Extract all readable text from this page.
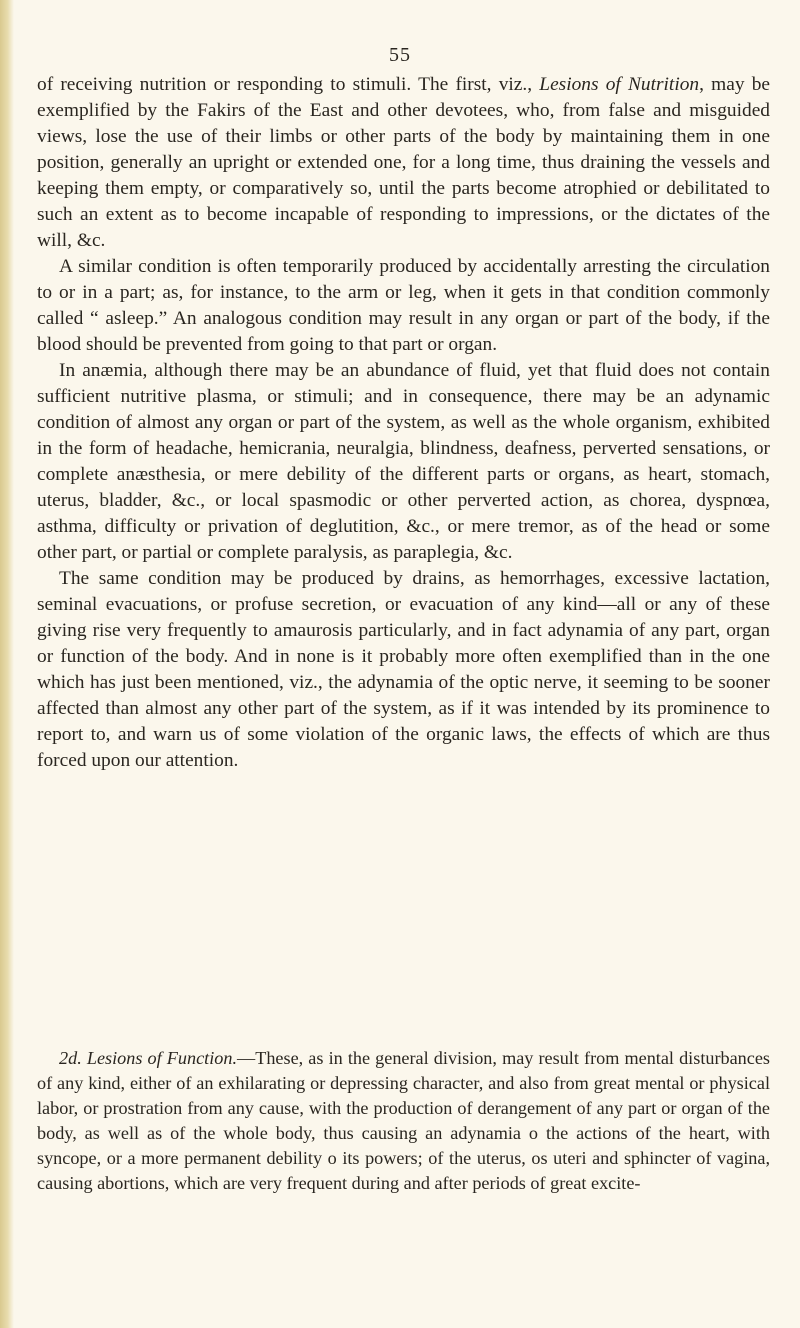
55

of receiving nutrition or responding to stimuli. The first, viz., Lesions of Nutrition, may be exemplified by the Fakirs of the East and other devotees, who, from false and misguided views, lose the use of their limbs or other parts of the body by maintaining them in one position, generally an upright or extended one, for a long time, thus draining the vessels and keeping them empty, or comparatively so, until the parts become atrophied or debilitated to such an extent as to become incapable of responding to impressions, or the dictates of the will, &c.

A similar condition is often temporarily produced by accidentally arresting the circulation to or in a part; as, for instance, to the arm or leg, when it gets in that condition commonly called “ asleep.” An analogous condition may result in any organ or part of the body, if the blood should be prevented from going to that part or organ.

In anæmia, although there may be an abundance of fluid, yet that fluid does not contain sufficient nutritive plasma, or stimuli; and in consequence, there may be an adynamic condition of almost any organ or part of the system, as well as the whole organism, exhibited in the form of headache, hemicrania, neuralgia, blindness, deafness, perverted sensations, or complete anæsthesia, or mere debility of the different parts or organs, as heart, stomach, uterus, bladder, &c., or local spasmodic or other perverted action, as chorea, dyspnœa, asthma, difficulty or privation of deglutition, &c., or mere tremor, as of the head or some other part, or partial or complete paralysis, as paraplegia, &c.

The same condition may be produced by drains, as hemorrhages, excessive lactation, seminal evacuations, or profuse secretion, or evacuation of any kind—all or any of these giving rise very frequently to amaurosis particularly, and in fact adynamia of any part, organ or function of the body. And in none is it probably more often exemplified than in the one which has just been mentioned, viz., the adynamia of the optic nerve, it seeming to be sooner affected than almost any other part of the system, as if it was intended by its prominence to report to, and warn us of some violation of the organic laws, the effects of which are thus forced upon our attention.

2d. Lesions of Function.—These, as in the general division, may result from mental disturbances of any kind, either of an exhilarating or depressing character, and also from great mental or physical labor, or prostration from any cause, with the production of derangement of any part or organ of the body, as well as of the whole body, thus causing an adynamia o the actions of the heart, with syncope, or a more permanent debility o its powers; of the uterus, os uteri and sphincter of vagina, causing abortions, which are very frequent during and after periods of great excite-
